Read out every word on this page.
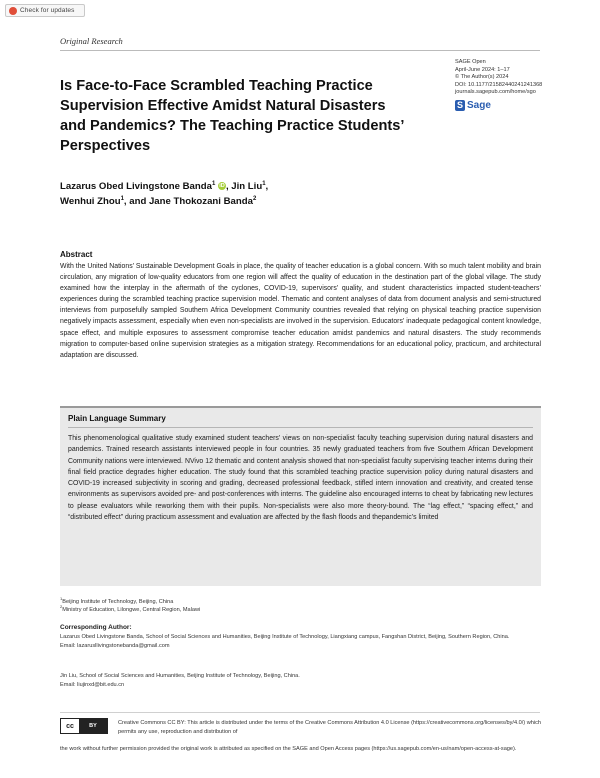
Check for updates
Original Research
Is Face-to-Face Scrambled Teaching Practice Supervision Effective Amidst Natural Disasters and Pandemics? The Teaching Practice Students’ Perspectives
SAGE Open
April-June 2024: 1–17
© The Author(s) 2024
DOI: 10.1177/21582440241241368
journals.sagepub.com/home/sgo
S Sage
Lazarus Obed Livingstone Banda$^1$ iD, Jin Liu$^1$,
Wenhui Zhou$^1$, and Jane Thokozani Banda$^2$
Abstract
With the United Nations’ Sustainable Development Goals in place, the quality of teacher education is a global concern. With so much talent mobility and brain circulation, any migration of low-quality educators from one region will affect the quality of education in the destination part of the global village. The study examined how the interplay in the aftermath of the cyclones, COVID-19, supervisors’ quality, and student characteristics impacted student-teachers’ experiences during the scrambled teaching practice supervision model. Thematic and content analyses of data from document analysis and semi-structured interviews from purposefully sampled Southern Africa Development Community countries revealed that relying on physical teaching practice supervision negatively impacts assessment, especially when even non-specialists are involved in the supervision. Educators’ inadequate pedagogical content knowledge, space effect, and multiple exposures to assessment compromise teacher education amidst pandemics and natural disasters. The study recommends migration to computer-based online supervision strategies as a mitigation strategy. Recommendations for an educational policy, practicum, and architectural adaptation are discussed.
Plain Language Summary
This phenomenological qualitative study examined student teachers’ views on non-specialist faculty teaching supervision during natural disasters and pandemics. Trained research assistants interviewed people in four countries. 35 newly graduated teachers from five Southern African Development Community nations were interviewed. NVivo 12 thematic and content analysis showed that non-specialist faculty supervising teacher interns during their final field practice degrades higher education. The study found that this scrambled teaching practice supervision policy during natural disasters and COVID-19 increased subjectivity in scoring and grading, decreased professional feedback, stifled intern innovation and creativity, and created tense environments as supervisors avoided pre- and post-conferences with interns. The guideline also encouraged interns to cheat by fabricating new lectures to please evaluators while reworking them with their pupils. Non-specialists were also more theory-bound. The “lag effect,” “spacing effect,” and “distributed effect” during practicum assessment and evaluation are affected by the flash floods and thepandemic’s limited
$^1$Beijing Institute of Technology, Beijing, China
$^2$Ministry of Education, Lilongwe, Central Region, Malawi
Corresponding Author:
Lazarus Obed Livingstone Banda, School of Social Sciences and Humanities, Beijing Institute of Technology, Liangxiang campus, Fangshan District, Beijing, Southern Region, China.
Email: lazarusllivingstonebanda@gmail.com
Jin Liu, School of Social Sciences and Humanities, Beijing Institute of Technology, Beijing, China.
Email: liujinxd@bit.edu.cn
cc	BY	Creative Commons CC BY: This article is distributed under the terms of the Creative Commons Attribution 4.0 License (https://creativecommons.org/licenses/by/4.0/) which permits any use, reproduction and distribution of
the work without further permission provided the original work is attributed as specified on the SAGE and Open Access pages (https://us.sagepub.com/en-us/nam/open-access-at-sage).
